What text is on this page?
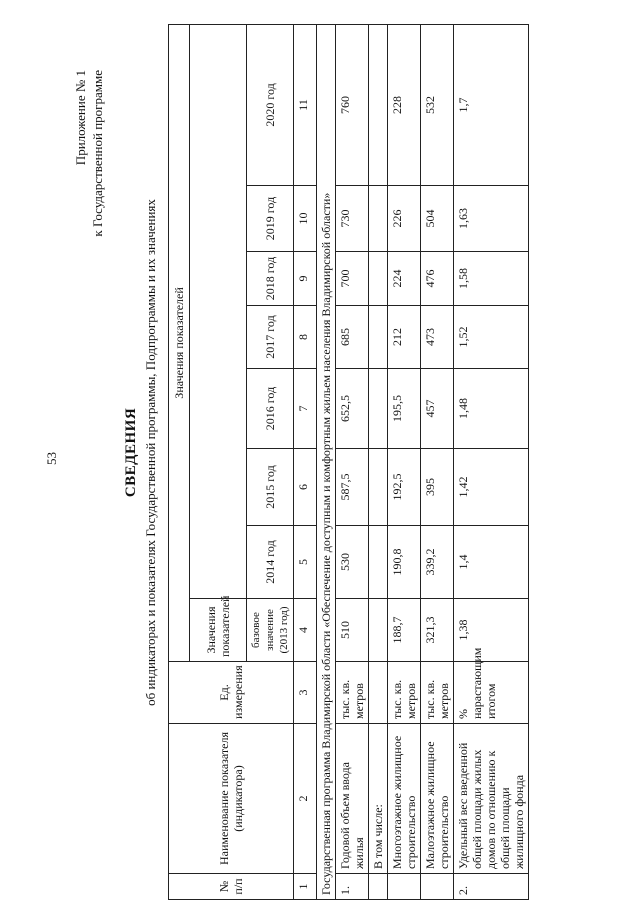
53
Приложение № 1 к Государственной программе
СВЕДЕНИЯ об индикаторах и показателях Государственной программы, Подпрограммы и их значениях
№ п/п	Наименование показателя (индикатора)	Ед. измерения	Значения показателей							
			Значения показателей							
			базовое значение (2013 год)	2014 год	2015 год	2016 год	2017 год	2018 год	2019 год	2020 год
1	2	3	4	5	6	7	8	9	10	11
Государственная программа Владимирской области «Обеспечение доступным и комфортным жильем населения Владимирской области»										
1.	Годовой объем ввода жилья	тыс. кв. метров	510	530	587,5	652,5	685	700	730	760
	В том числе:									
	Многоэтажное жилищное строительство	тыс. кв. метров	188,7	190,8	192,5	195,5	212	224	226	228
	Малоэтажное жилищное строительство	тыс. кв. метров	321,3	339,2	395	457	473	476	504	532
2.	Удельный вес введенной общей площади жилых домов по отношению к общей площади жилищного фонда	% нарастающим итогом	1,38	1,4	1,42	1,48	1,52	1,58	1,63	1,7
